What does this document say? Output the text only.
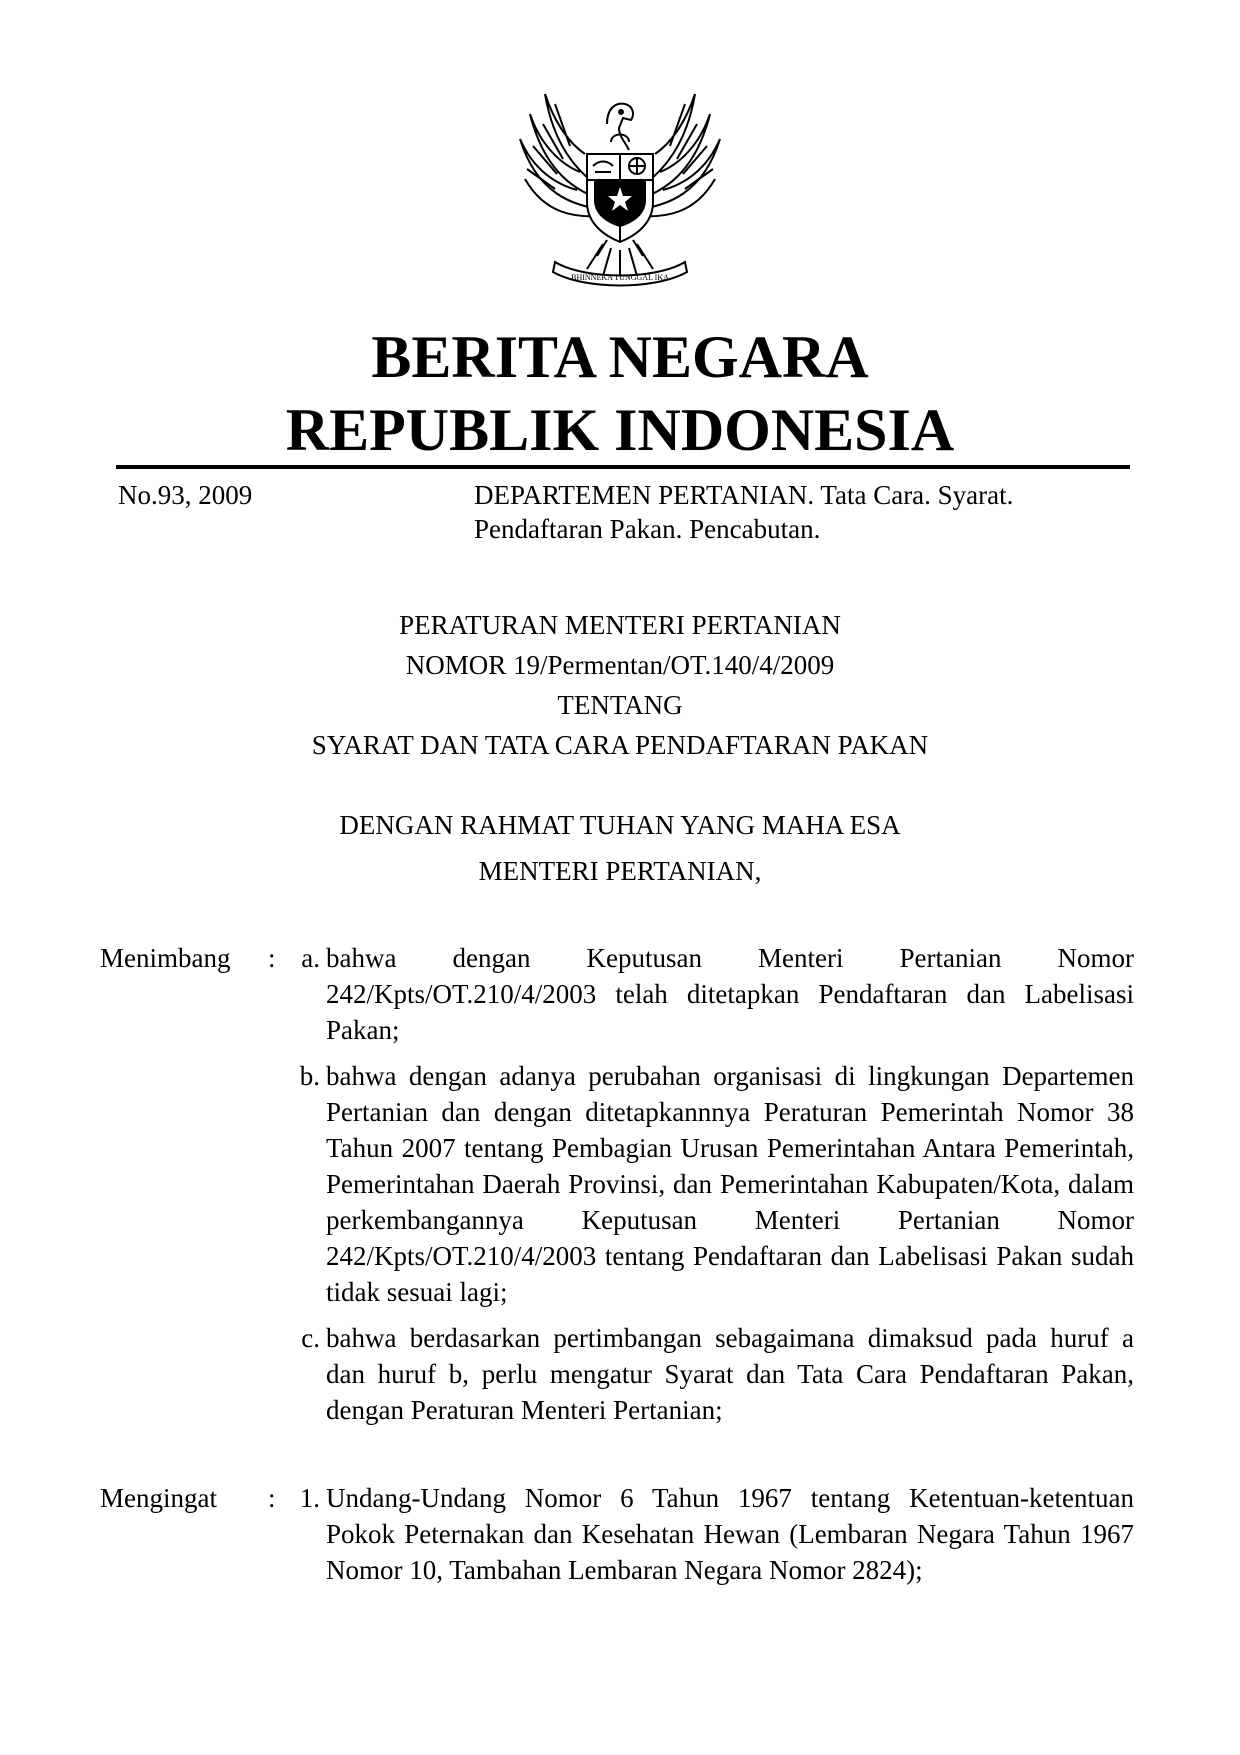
BHINNEKA TUNGGAL IKA
BERITA NEGARA
REPUBLIK INDONESIA
No.93, 2009	DEPARTEMEN PERTANIAN. Tata Cara. Syarat.
Pendaftaran Pakan. Pencabutan.
PERATURAN MENTERI PERTANIAN
NOMOR 19/Permentan/OT.140/4/2009
TENTANG
SYARAT DAN TATA CARA PENDAFTARAN PAKAN
DENGAN RAHMAT TUHAN YANG MAHA ESA
MENTERI PERTANIAN,
Menimbang : a. bahwa dengan Keputusan Menteri Pertanian Nomor 242/Kpts/OT.210/4/2003 telah ditetapkan Pendaftaran dan Labelisasi Pakan;
b. bahwa dengan adanya perubahan organisasi di lingkungan Departemen Pertanian dan dengan ditetapkannnya Peraturan Pemerintah Nomor 38 Tahun 2007 tentang Pembagian Urusan Pemerintahan Antara Pemerintah, Pemerintahan Daerah Provinsi, dan Pemerintahan Kabupaten/Kota, dalam perkembangannya Keputusan Menteri Pertanian Nomor 242/Kpts/OT.210/4/2003 tentang Pendaftaran dan Labelisasi Pakan sudah tidak sesuai lagi;
c. bahwa berdasarkan pertimbangan sebagaimana dimaksud pada huruf a dan huruf b, perlu mengatur Syarat dan Tata Cara Pendaftaran Pakan, dengan Peraturan Menteri Pertanian;
Mengingat : 1. Undang-Undang Nomor 6 Tahun 1967 tentang Ketentuan-ketentuan Pokok Peternakan dan Kesehatan Hewan (Lembaran Negara Tahun 1967 Nomor 10, Tambahan Lembaran Negara Nomor 2824);
